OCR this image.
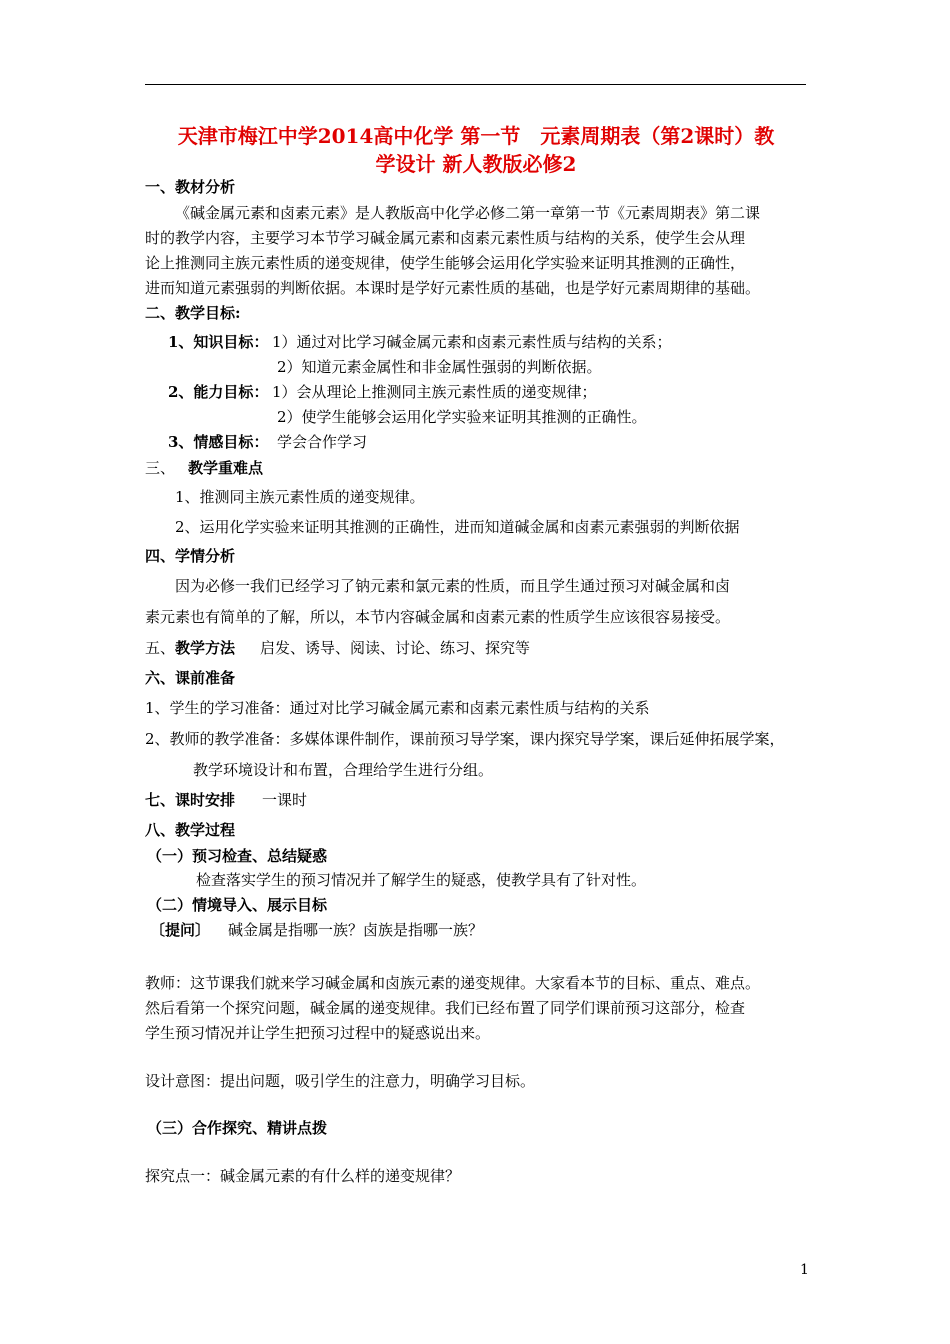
天津市梅江中学2014高中化学 第一节　元素周期表（第2课时）教
学设计 新人教版必修2
一、教材分析
《碱金属元素和卤素元素》是人教版高中化学必修二第一章第一节《元素周期表》第二课
时的教学内容，主要学习本节学习碱金属元素和卤素元素性质与结构的关系，使学生会从理
论上推测同主族元素性质的递变规律，使学生能够会运用化学实验来证明其推测的正确性，
进而知道元素强弱的判断依据。本课时是学好元素性质的基础，也是学好元素周期律的基础。
二、教学目标:
1、知识目标： 1）通过对比学习碱金属元素和卤素元素性质与结构的关系；
2）知道元素金属性和非金属性强弱的判断依据。
2、能力目标： 1）会从理论上推测同主族元素性质的递变规律；
2）使学生能够会运用化学实验来证明其推测的正确性。
3、情感目标： 学会合作学习
三、 教学重难点
1、推测同主族元素性质的递变规律。
2、运用化学实验来证明其推测的正确性，进而知道碱金属和卤素元素强弱的判断依据
四、学情分析
因为必修一我们已经学习了钠元素和氯元素的性质，而且学生通过预习对碱金属和卤
素元素也有简单的了解，所以，本节内容碱金属和卤素元素的性质学生应该很容易接受。
五、 教学方法 启发、诱导、阅读、讨论、练习、探究等
六、课前准备
1、学生的学习准备：通过对比学习碱金属元素和卤素元素性质与结构的关系
2、教师的教学准备：多媒体课件制作，课前预习导学案，课内探究导学案，课后延伸拓展学案，
教学环境设计和布置，合理给学生进行分组。
七、课时安排 一课时
八、教学过程
（一）预习检查、总结疑惑
检查落实学生的预习情况并了解学生的疑惑，使教学具有了针对性。
（二）情境导入、展示目标
〔提问〕 碱金属是指哪一族？卤族是指哪一族？
教师：这节课我们就来学习碱金属和卤族元素的递变规律。大家看本节的目标、重点、难点。
然后看第一个探究问题，碱金属的递变规律。我们已经布置了同学们课前预习这部分，检查
学生预习情况并让学生把预习过程中的疑惑说出来。
设计意图：提出问题，吸引学生的注意力，明确学习目标。
（三）合作探究、精讲点拨
探究点一：碱金属元素的有什么样的递变规律？
1
